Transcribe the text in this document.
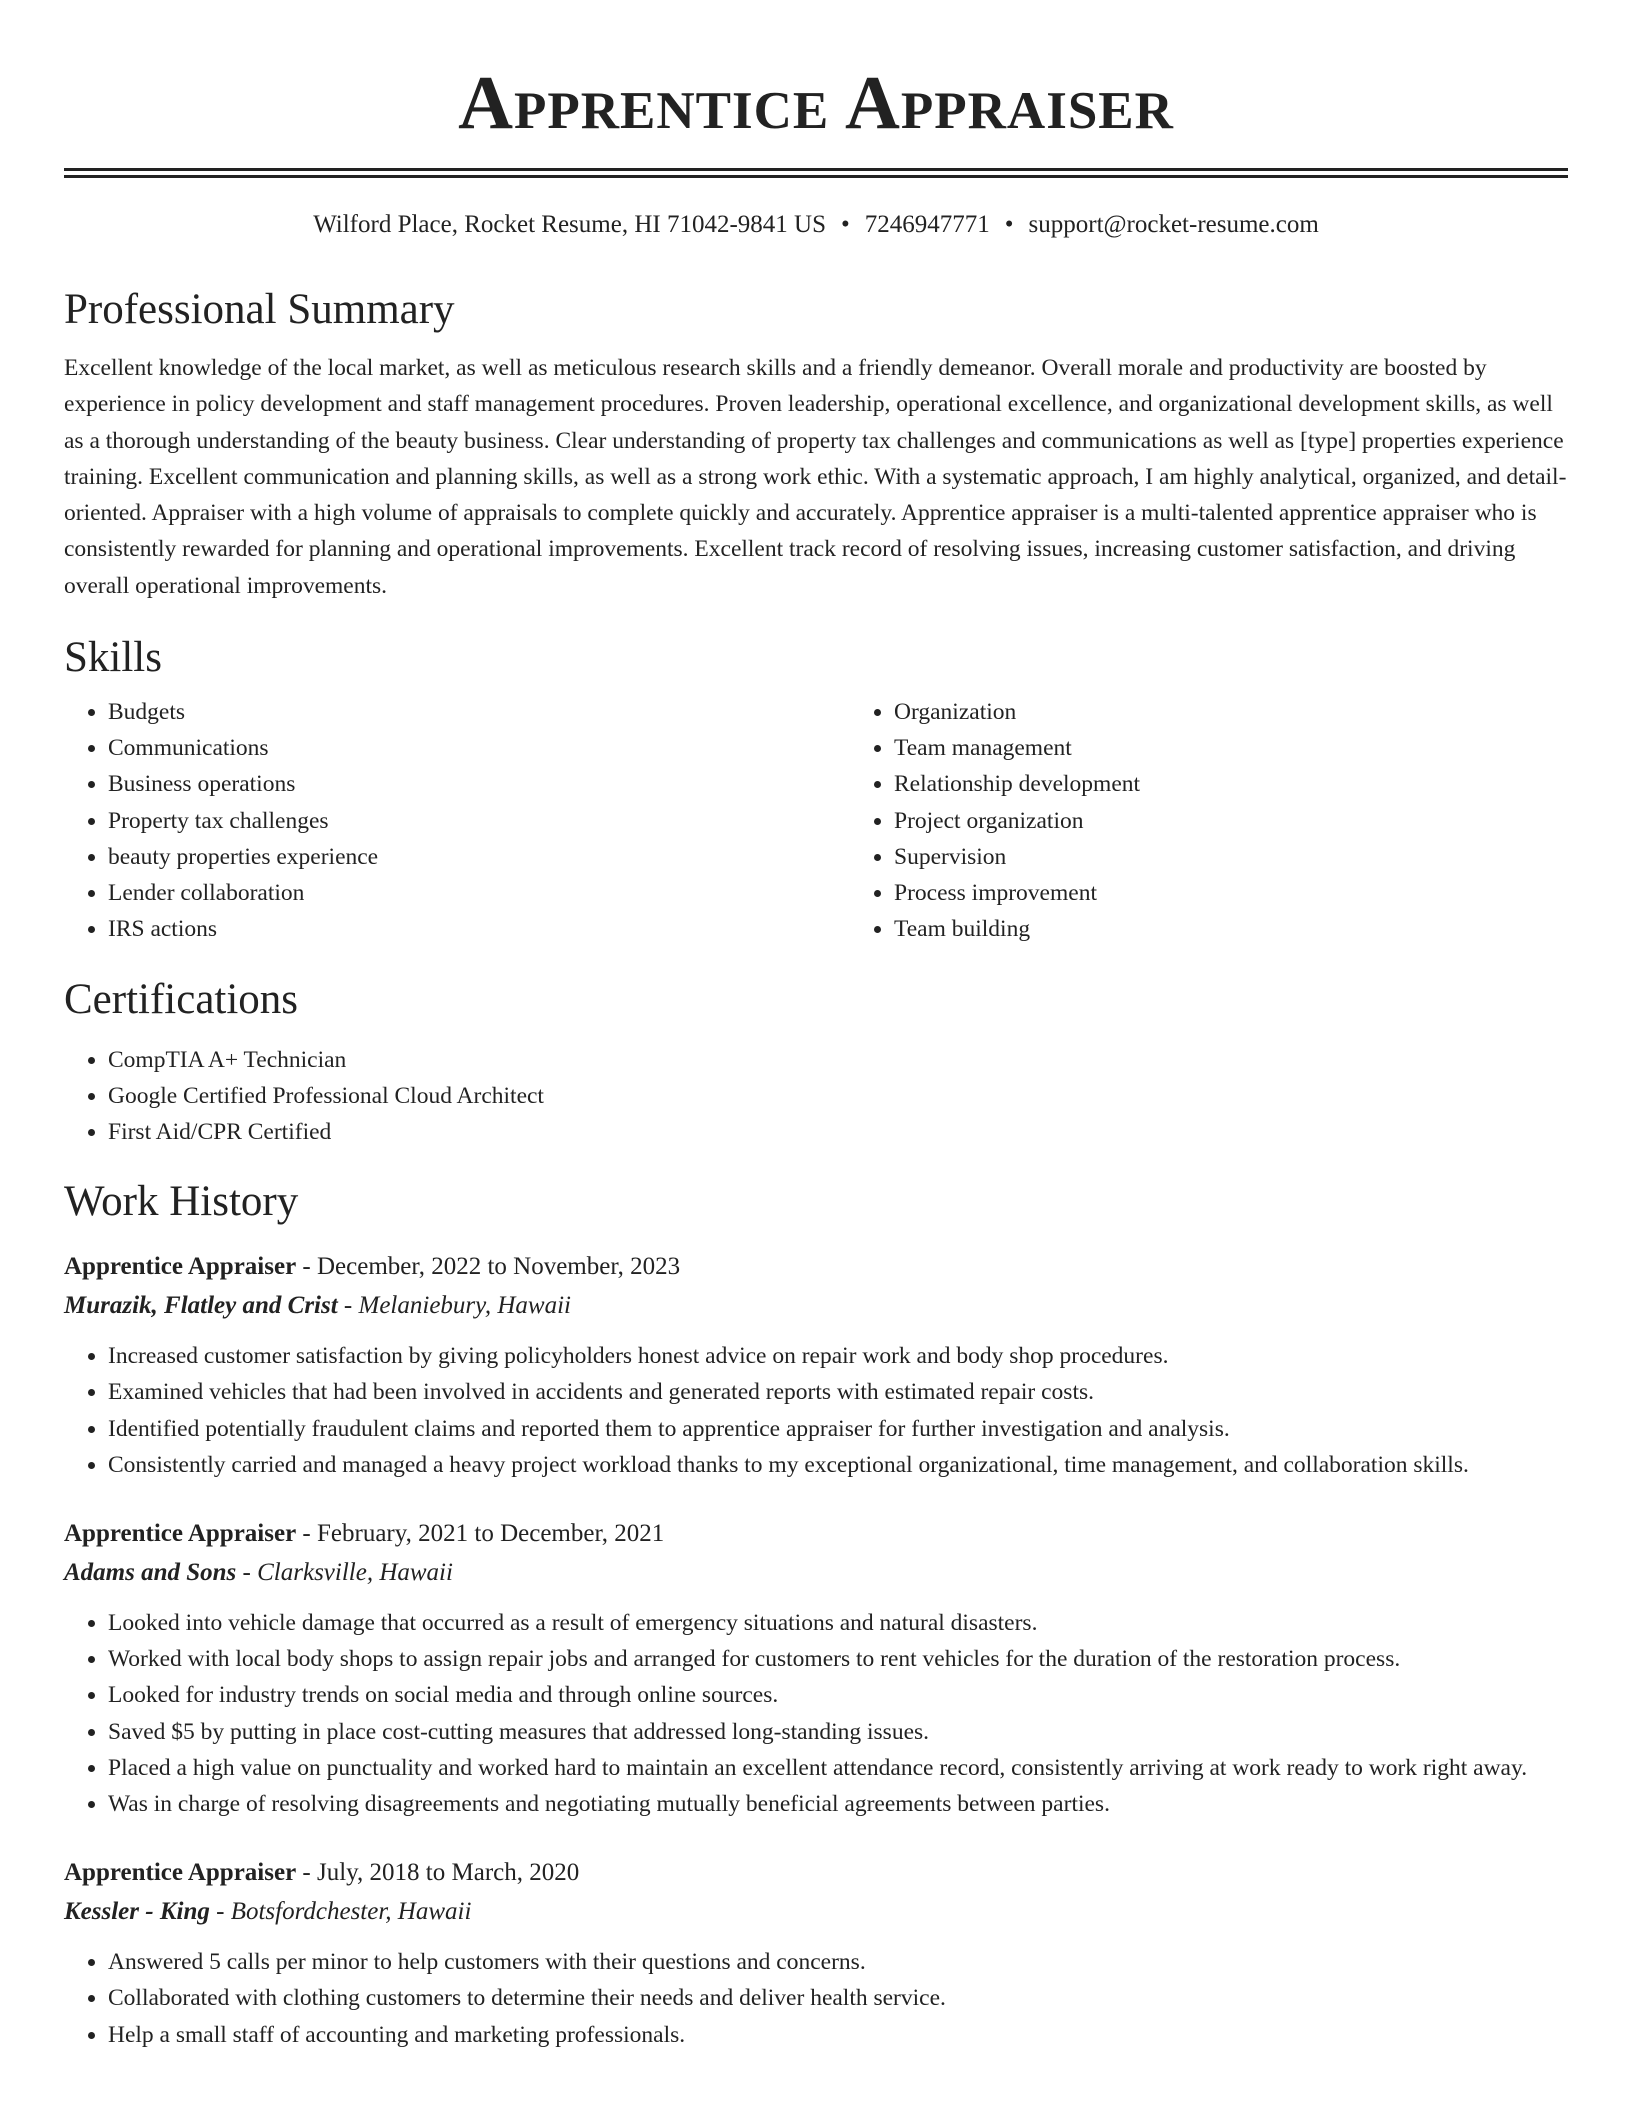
Apprentice Appraiser
Wilford Place, Rocket Resume, HI 71042-9841 US • 7246947771 • support@rocket-resume.com
Professional Summary

Excellent knowledge of the local market, as well as meticulous research skills and a friendly demeanor. Overall morale and productivity are boosted by experience in policy development and staff management procedures. Proven leadership, operational excellence, and organizational development skills, as well as a thorough understanding of the beauty business. Clear understanding of property tax challenges and communications as well as [type] properties experience training. Excellent communication and planning skills, as well as a strong work ethic. With a systematic approach, I am highly analytical, organized, and detail-oriented. Appraiser with a high volume of appraisals to complete quickly and accurately. Apprentice appraiser is a multi-talented apprentice appraiser who is consistently rewarded for planning and operational improvements. Excellent track record of resolving issues, increasing customer satisfaction, and driving overall operational improvements.

Skills
• Budgets
• Communications
• Business operations
• Property tax challenges
• beauty properties experience
• Lender collaboration
• IRS actions
• Organization
• Team management
• Relationship development
• Project organization
• Supervision
• Process improvement
• Team building
Certifications
• CompTIA A+ Technician
• Google Certified Professional Cloud Architect
• First Aid/CPR Certified
Work History
Apprentice Appraiser - December, 2022 to November, 2023
Murazik, Flatley and Crist - Melaniebury, Hawaii
• Increased customer satisfaction by giving policyholders honest advice on repair work and body shop procedures.
• Examined vehicles that had been involved in accidents and generated reports with estimated repair costs.
• Identified potentially fraudulent claims and reported them to apprentice appraiser for further investigation and analysis.
• Consistently carried and managed a heavy project workload thanks to my exceptional organizational, time management, and collaboration skills.
Apprentice Appraiser - February, 2021 to December, 2021
Adams and Sons - Clarksville, Hawaii
• Looked into vehicle damage that occurred as a result of emergency situations and natural disasters.
• Worked with local body shops to assign repair jobs and arranged for customers to rent vehicles for the duration of the restoration process.
• Looked for industry trends on social media and through online sources.
• Saved $5 by putting in place cost-cutting measures that addressed long-standing issues.
• Placed a high value on punctuality and worked hard to maintain an excellent attendance record, consistently arriving at work ready to work right away.
• Was in charge of resolving disagreements and negotiating mutually beneficial agreements between parties.
Apprentice Appraiser - July, 2018 to March, 2020
Kessler - King - Botsfordchester, Hawaii
• Answered 5 calls per minor to help customers with their questions and concerns.
• Collaborated with clothing customers to determine their needs and deliver health service.
• Help a small staff of accounting and marketing professionals.
